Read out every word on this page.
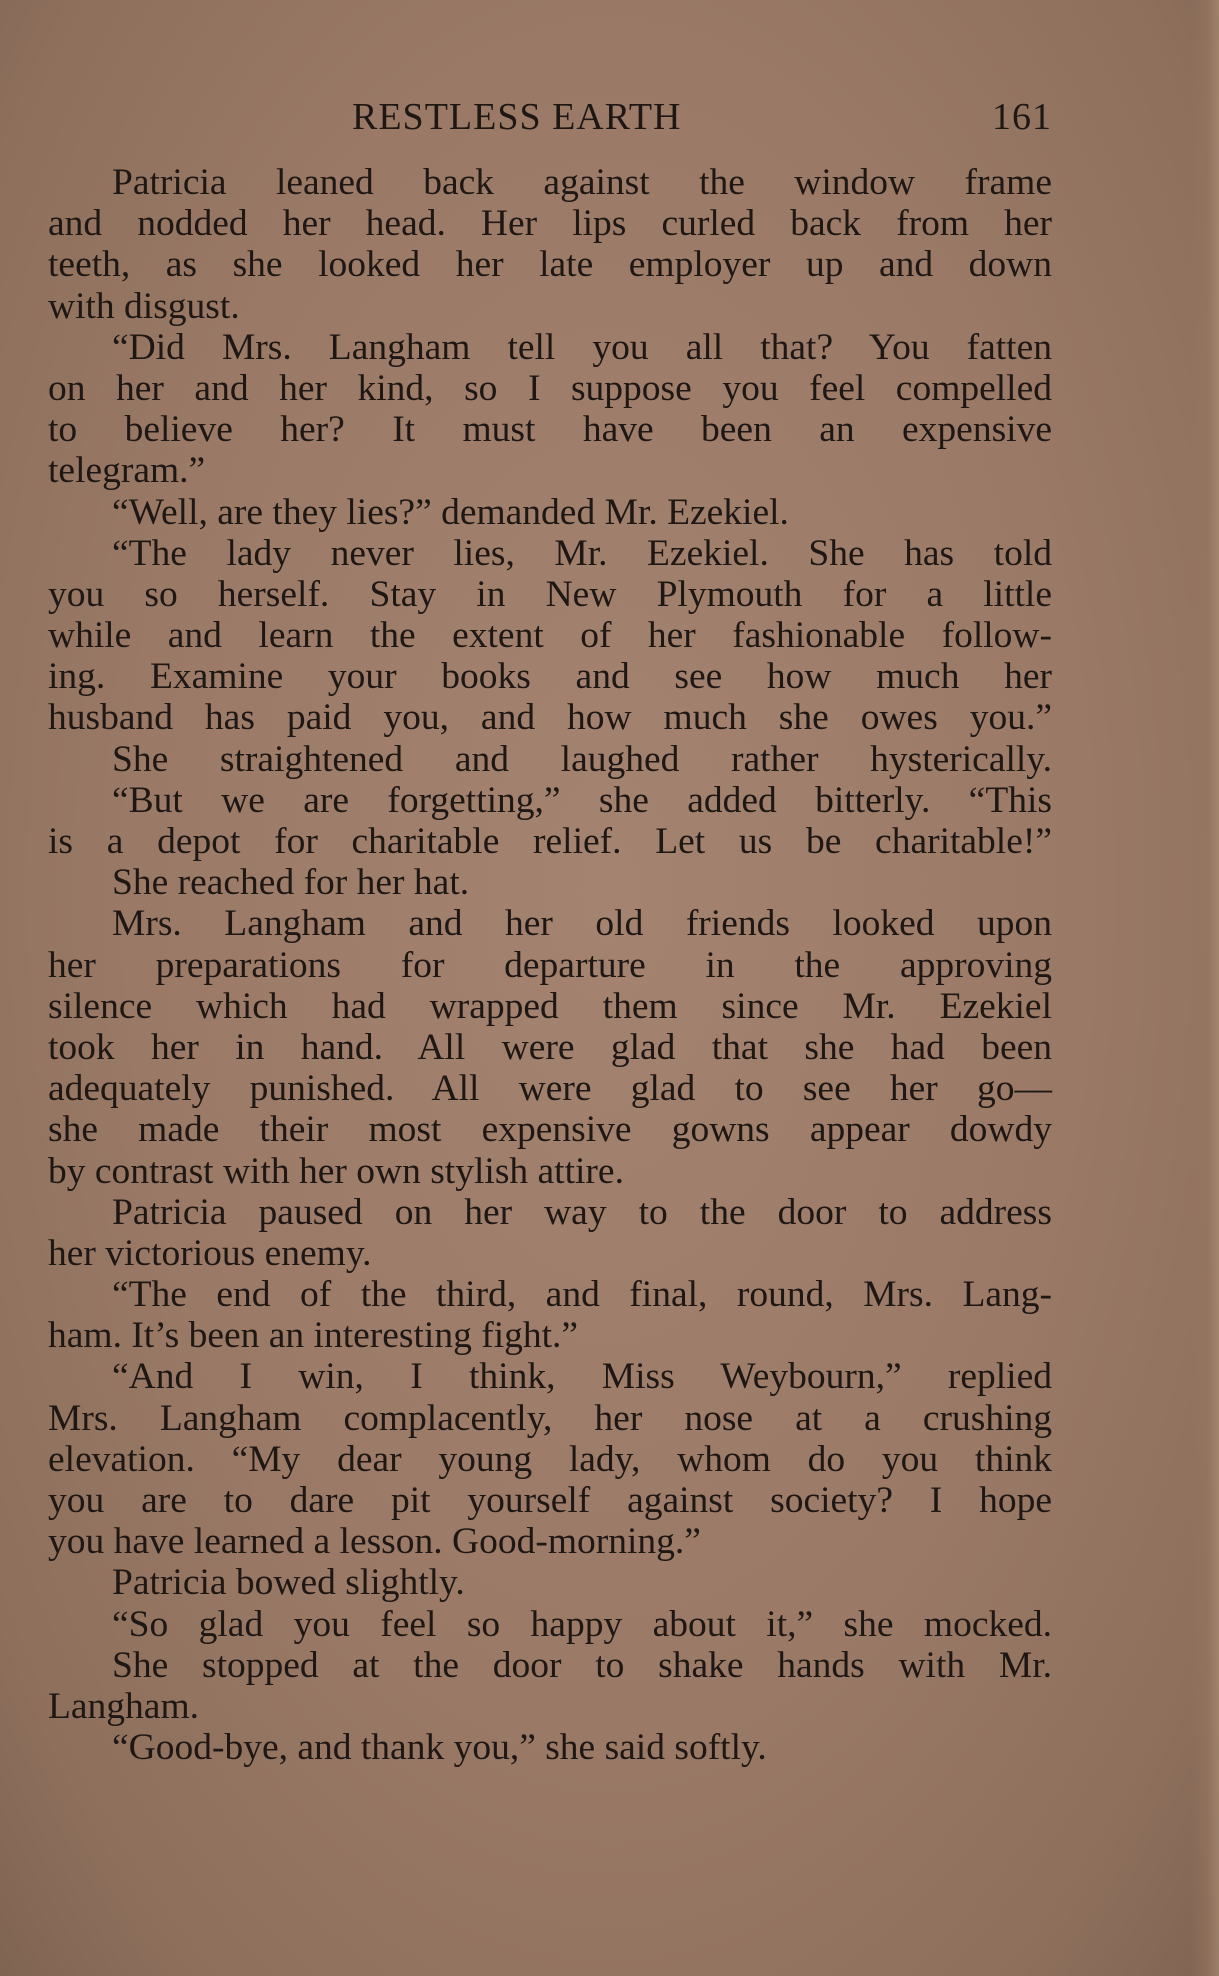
RESTLESS EARTH	161
Patricia leaned back against the window frame
and nodded her head. Her lips curled back from her
teeth, as she looked her late employer up and down
with disgust.
“Did Mrs. Langham tell you all that? You fatten
on her and her kind, so I suppose you feel compelled
to believe her? It must have been an expensive
telegram.”
“Well, are they lies?” demanded Mr. Ezekiel.
“The lady never lies, Mr. Ezekiel. She has told
you so herself. Stay in New Plymouth for a little
while and learn the extent of her fashionable follow-
ing. Examine your books and see how much her
husband has paid you, and how much she owes you.”
She straightened and laughed rather hysterically.
“But we are forgetting,” she added bitterly. “This
is a depot for charitable relief. Let us be charitable!”
She reached for her hat.
Mrs. Langham and her old friends looked upon
her preparations for departure in the approving
silence which had wrapped them since Mr. Ezekiel
took her in hand. All were glad that she had been
adequately punished. All were glad to see her go—
she made their most expensive gowns appear dowdy
by contrast with her own stylish attire.
Patricia paused on her way to the door to address
her victorious enemy.
“The end of the third, and final, round, Mrs. Lang-
ham. It’s been an interesting fight.”
“And I win, I think, Miss Weybourn,” replied
Mrs. Langham complacently, her nose at a crushing
elevation. “My dear young lady, whom do you think
you are to dare pit yourself against society? I hope
you have learned a lesson. Good-morning.”
Patricia bowed slightly.
“So glad you feel so happy about it,” she mocked.
She stopped at the door to shake hands with Mr.
Langham.
“Good-bye, and thank you,” she said softly.
